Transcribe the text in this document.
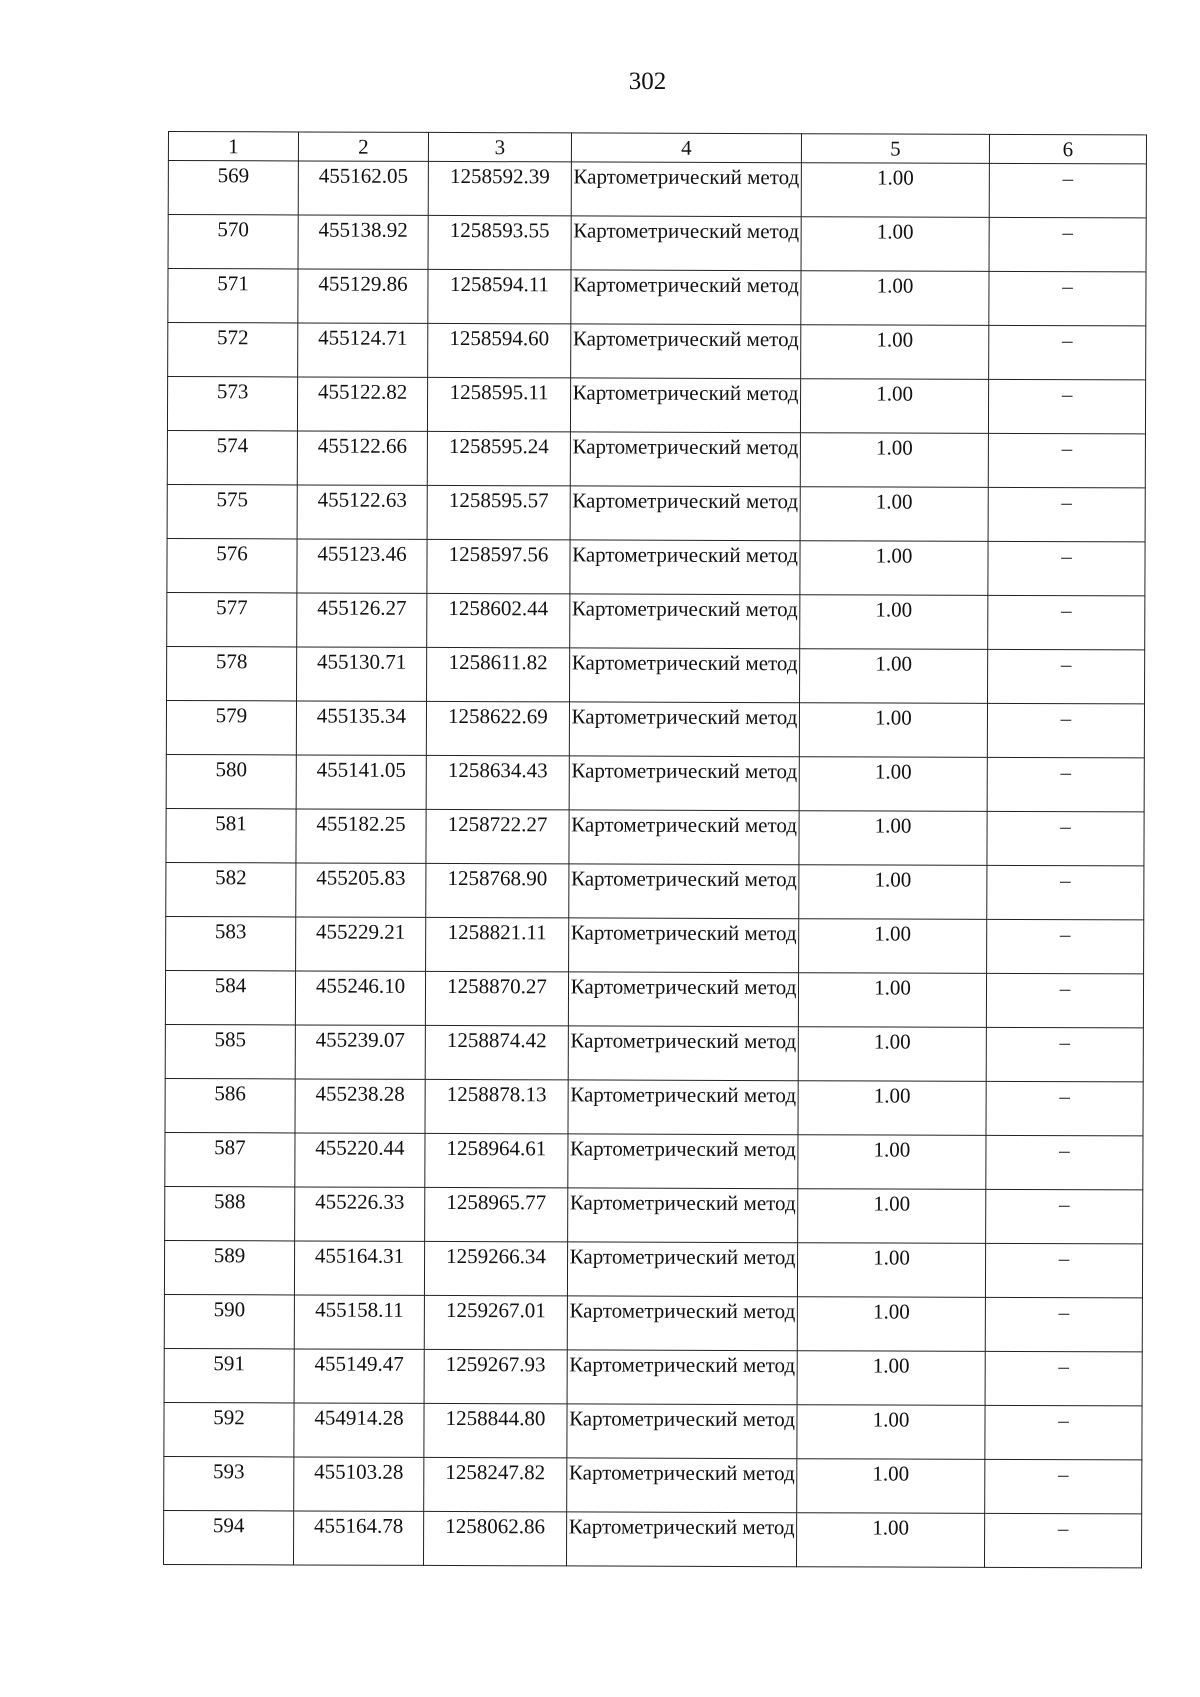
302
1	2	3	4	5	6
569	455162.05	1258592.39	Картометрический метод	1.00	–
570	455138.92	1258593.55	Картометрический метод	1.00	–
571	455129.86	1258594.11	Картометрический метод	1.00	–
572	455124.71	1258594.60	Картометрический метод	1.00	–
573	455122.82	1258595.11	Картометрический метод	1.00	–
574	455122.66	1258595.24	Картометрический метод	1.00	–
575	455122.63	1258595.57	Картометрический метод	1.00	–
576	455123.46	1258597.56	Картометрический метод	1.00	–
577	455126.27	1258602.44	Картометрический метод	1.00	–
578	455130.71	1258611.82	Картометрический метод	1.00	–
579	455135.34	1258622.69	Картометрический метод	1.00	–
580	455141.05	1258634.43	Картометрический метод	1.00	–
581	455182.25	1258722.27	Картометрический метод	1.00	–
582	455205.83	1258768.90	Картометрический метод	1.00	–
583	455229.21	1258821.11	Картометрический метод	1.00	–
584	455246.10	1258870.27	Картометрический метод	1.00	–
585	455239.07	1258874.42	Картометрический метод	1.00	–
586	455238.28	1258878.13	Картометрический метод	1.00	–
587	455220.44	1258964.61	Картометрический метод	1.00	–
588	455226.33	1258965.77	Картометрический метод	1.00	–
589	455164.31	1259266.34	Картометрический метод	1.00	–
590	455158.11	1259267.01	Картометрический метод	1.00	–
591	455149.47	1259267.93	Картометрический метод	1.00	–
592	454914.28	1258844.80	Картометрический метод	1.00	–
593	455103.28	1258247.82	Картометрический метод	1.00	–
594	455164.78	1258062.86	Картометрический метод	1.00	–
